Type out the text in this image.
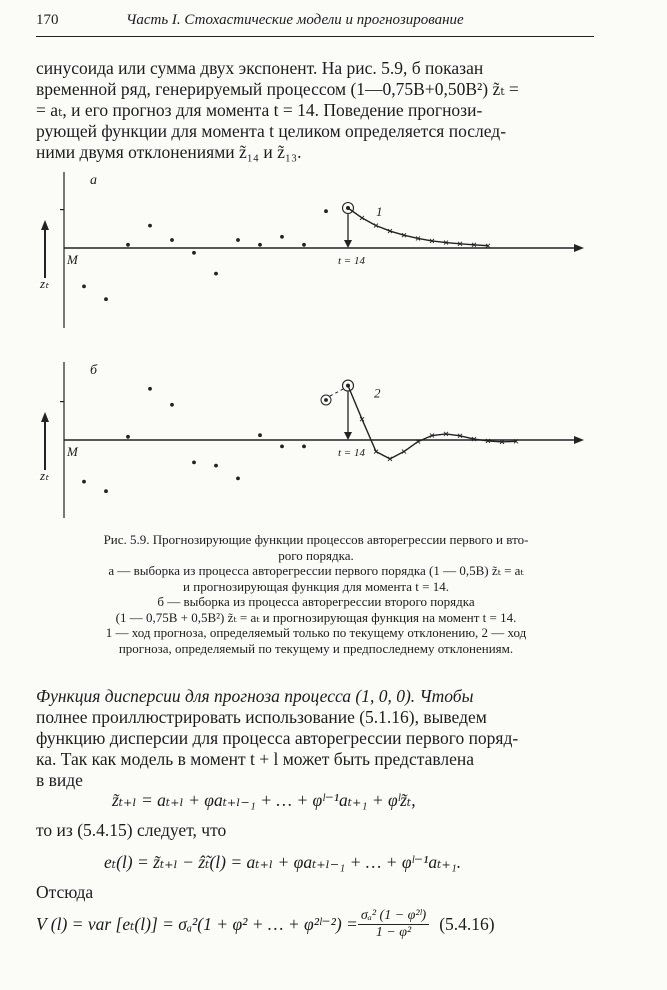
170	Часть I. Стохастические модели и прогнозирование
синусоида или сумма двух экспонент. На рис. 5.9, б показан
временной ряд, генерируемый процессом (1—0,75B+0,50B²) z̃ₜ =
= aₜ, и его прогноз для момента t = 14. Поведение прогнози-
рующей функции для момента t целиком определяется послед-
ними двумя отклонениями z̃₁₄ и z̃₁₃.
а
zₜ
M	t = 14
1
б
zₜ
M	t = 14
2
Рис. 5.9. Прогнозирующие функции процессов авторегрессии первого и вто-
рого порядка.
а — выборка из процесса авторегрессии первого порядка (1 — 0,5B) z̃ₜ = aₜ
и прогнозирующая функция для момента t = 14.
б — выборка из процесса авторегрессии второго порядка
(1 — 0,75B + 0,5B²) z̃ₜ = aₜ и прогнозирующая функция на момент t = 14.
1 — ход прогноза, определяемый только по текущему отклонению, 2 — ход
прогноза, определяемый по текущему и предпоследнему отклонениям.
Функция дисперсии для прогноза процесса (1, 0, 0). Чтобы
полнее проиллюстрировать использование (5.1.16), выведем
функцию дисперсии для процесса авторегрессии первого поряд-
ка. Так как модель в момент t + l может быть представлена
в виде
z̃ₜ₊ₗ = aₜ₊ₗ + φaₜ₊ₗ₋₁ + … + φˡ⁻¹aₜ₊₁ + φˡz̃ₜ,
то из (5.4.15) следует, что
eₜ(l) = z̃ₜ₊ₗ − ẑ̃ₜ(l) = aₜ₊ₗ + φaₜ₊ₗ₋₁ + … + φˡ⁻¹aₜ₊₁.
Отсюда
V (l) = var [eₜ(l)] = σₐ²(1 + φ² + … + φ²ˡ⁻²) = $\frac{\text{σₐ² (1 − φ²ˡ)}}{\text{1 − φ²}} (5.4.16)$
